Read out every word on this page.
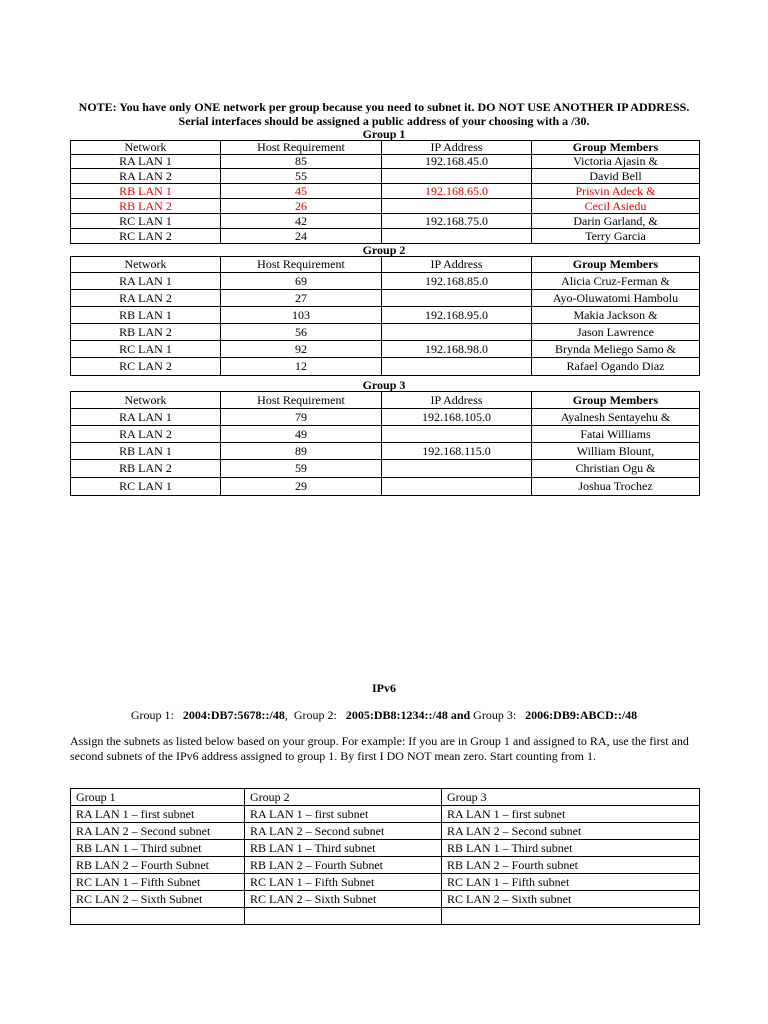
NOTE: You have only ONE network per group because you need to subnet it. DO NOT USE ANOTHER IP ADDRESS.
Serial interfaces should be assigned a public address of your choosing with a /30.
Group 1
Network	Host Requirement	IP Address	Group Members
RA LAN 1	85	192.168.45.0	Victoria Ajasin &
RA LAN 2	55		David Bell
RB LAN 1	45	192.168.65.0	Prisvin Adeck &
RB LAN 2	26		Cecil Asiedu
RC LAN 1	42	192.168.75.0	Darin Garland, &
RC LAN 2	24		Terry Garcia
Group 2
Network	Host Requirement	IP Address	Group Members
RA LAN 1	69	192.168.85.0	Alicia Cruz-Ferman &
RA LAN 2	27		Ayo-Oluwatomi Hambolu
RB LAN 1	103	192.168.95.0	Makia Jackson &
RB LAN 2	56		Jason Lawrence
RC LAN 1	92	192.168.98.0	Brynda Meliego Samo &
RC LAN 2	12		Rafael Ogando Diaz
Group 3
Network	Host Requirement	IP Address	Group Members
RA LAN 1	79	192.168.105.0	Ayalnesh Sentayehu &
RA LAN 2	49		Fatai Williams
RB LAN 1	89	192.168.115.0	William Blount,
RB LAN 2	59		Christian Ogu &
RC LAN 1	29		Joshua Trochez
IPv6
Group 1: 2004:DB7:5678::/48,  Group 2: 2005:DB8:1234::/48 and Group 3: 2006:DB9:ABCD::/48
Assign the subnets as listed below based on your group. For example: If you are in Group 1 and assigned to RA, use the first and
second subnets of the IPv6 address assigned to group 1. By first I DO NOT mean zero. Start counting from 1.
Group 1	Group 2	Group 3
RA LAN 1 – first subnet	RA LAN 1 – first subnet	RA LAN 1 – first subnet
RA LAN 2 – Second subnet	RA LAN 2 – Second subnet	RA LAN 2 – Second subnet
RB LAN 1 – Third subnet	RB LAN 1 – Third subnet	RB LAN 1 – Third subnet
RB LAN 2 – Fourth Subnet	RB LAN 2 – Fourth Subnet	RB LAN 2 – Fourth subnet
RC LAN 1 – Fifth Subnet	RC LAN 1 – Fifth Subnet	RC LAN 1 – Fifth subnet
RC LAN 2 – Sixth Subnet	RC LAN 2 – Sixth Subnet	RC LAN 2 – Sixth subnet
